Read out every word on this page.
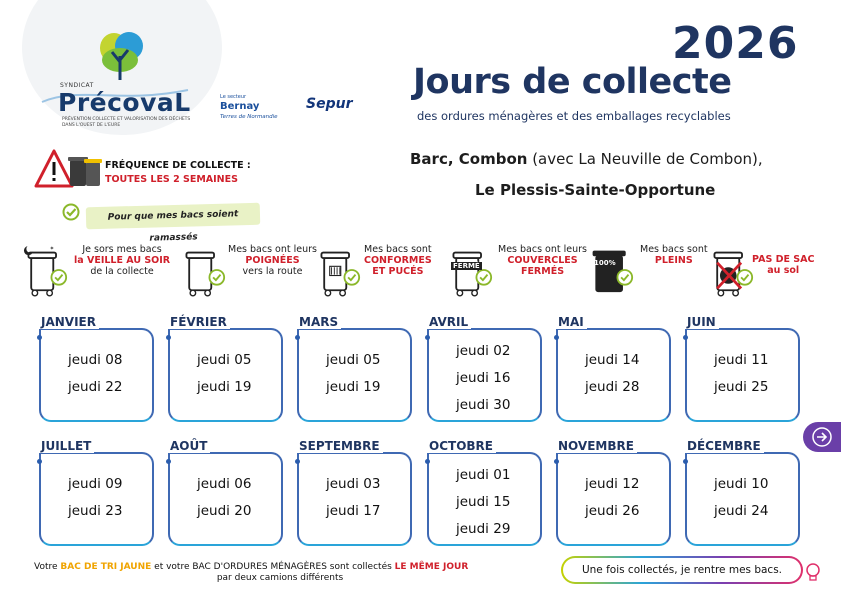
SYNDICAT
PrécovaL
PRÉVENTION COLLECTE ET VALORISATION DES DÉCHETS DANS L'OUEST DE L'EURE
Le secteur
Bernay
Terres de Normandie
Sepur
2026
Jours de collecte
des ordures ménagères et des emballages recyclables
Barc, Combon (avec La Neuville de Combon),
Le Plessis-Sainte-Opportune
FRÉQUENCE DE COLLECTE :
TOUTES LES 2 SEMAINES
Pour que mes bacs soient ramassés
✶	Je sors mes bacs
la VEILLE AU SOIR
de la collecte
Mes bacs ont leurs
POIGNÉES
vers la route
Mes bacs sont
CONFORMES
ET PUCÉS	FERMÉ
Mes bacs ont leurs
COUVERCLES
FERMÉS
100%
Mes bacs sont
PLEINS	PAS DE SAC
au sol
JANVIER
jeudi 08
jeudi 22
FÉVRIER
jeudi 05
jeudi 19
MARS
jeudi 05
jeudi 19
AVRIL
jeudi 02
jeudi 16
jeudi 30
MAI
jeudi 14
jeudi 28
JUIN
jeudi 11
jeudi 25
JUILLET
jeudi 09
jeudi 23
AOÛT
jeudi 06
jeudi 20
SEPTEMBRE
jeudi 03
jeudi 17
OCTOBRE
jeudi 01
jeudi 15
jeudi 29
NOVEMBRE
jeudi 12
jeudi 26
DÉCEMBRE
jeudi 10
jeudi 24
Votre BAC DE TRI JAUNE et votre BAC D'ORDURES MÉNAGÈRES sont collectés LE MÊME JOUR
par deux camions différents
Une fois collectés, je rentre mes bacs.
